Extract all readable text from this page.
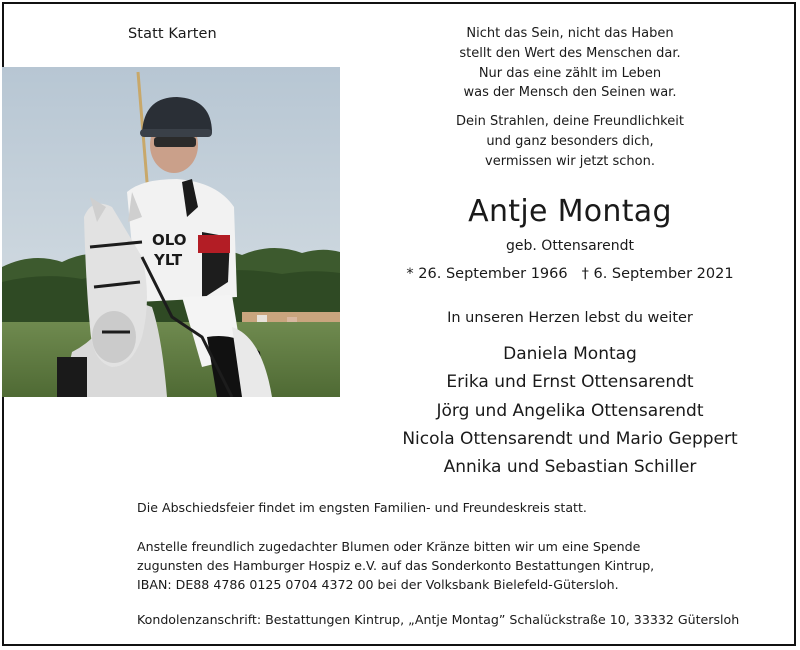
Statt Karten
OLO
YLT
Nicht das Sein, nicht das Haben
stellt den Wert des Menschen dar.
Nur das eine zählt im Leben
was der Mensch den Seinen war.
Dein Strahlen, deine Freundlichkeit
und ganz besonders dich,
vermissen wir jetzt schon.
Antje Montag
geb. Ottensarendt
* 26. September 1966 † 6. September 2021
In unseren Herzen lebst du weiter
Daniela Montag
Erika und Ernst Ottensarendt
Jörg und Angelika Ottensarendt
Nicola Ottensarendt und Mario Geppert
Annika und Sebastian Schiller
Die Abschiedsfeier findet im engsten Familien- und Freundeskreis statt.
Anstelle freundlich zugedachter Blumen oder Kränze bitten wir um eine Spende
zugunsten des Hamburger Hospiz e.V. auf das Sonderkonto Bestattungen Kintrup,
IBAN: DE88 4786 0125 0704 4372 00 bei der Volksbank Bielefeld-Gütersloh.
Kondolenzanschrift: Bestattungen Kintrup, „Antje Montag” Schalückstraße 10, 33332 Gütersloh
